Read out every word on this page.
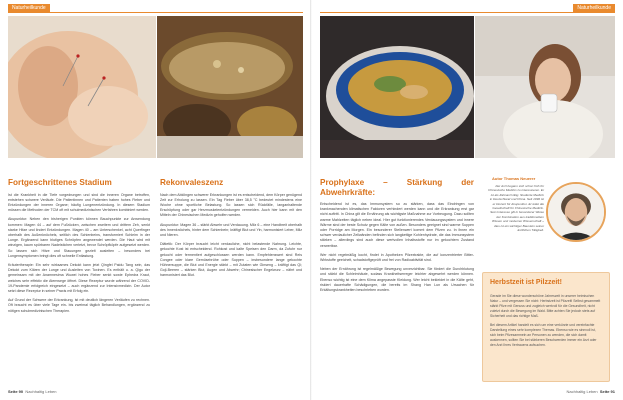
Naturheilkunde
Fortgeschrittenes Stadium

Ist die Krankheit in die Tiefe vorgedrungen und sind die inneren Organe betroffen, entstehen schwere Verläufe. Die Patientinnen und Patienten haben hohes Fieber und Entzündungen der inneren Organe; häufig Lungenentzündung. In diesem Stadium müssen die Methoden der TCM oft mit schulmedizinischen Verfahren kombiniert werden.

Akupunktur: Neben den bisherigen Punkten können Bauchpunkte zur Anwendung kommen: Magen 44 – auf dem Fußrücken, zwischen zweitem und drittem Zeh, senkt starke Hitze und lindert Entzündungen. Magen 40 – am Unterschenkel, acht Querfinger oberhalb des Außenknöchels, seitlich des Schienbeins, transformiert Schleim in der Lunge. Ergänzend kann blutiges Schröpfen angewendet werden. Die Haut wird mit winzigen, kaum spürbaren Nadelstichen verletzt, bevor Schröpfköpfe aufgesetzt werden. So lassen sich Hitze und Stauungen gezielt ausleiten – besonders bei Lungensymptomen bringt dies oft schnelle Entlastung.

Kräutertherapie: Ein sehr wirksames Dekokt kann jetzt Qingfei Paidu Tang sein, das Dekokt zum Klären der Lunge und Ausleiten von Toxinen. Es enthält u. a. Qigu der gemeinsam mit der Anamnesima Wuwei hohes Fieber senkt sowie Ephedra Kraut, welches sehr effektiv die Atemwege öffnet. Diese Rezeptur wurde während der COVID-19-Pandemie erfolgreich eingesetzt – auch ergänzend zur Intensivmedizin. Der Autor setzt diese Rezeptur in seiner Praxis mit Erfolg ein.

Auf Grund der Schwere der Erkrankung, ist mit deutlich längeren Verläufen zu rechnen. Oft braucht es über viele Tage ein- bis zweimal täglich Behandlungen, ergänzend zu nötigen schulmedizinischen Therapien.

Rekonvaleszenz

Nach dem Abklingen schwerer Erkrankungen ist es entscheidend, dem Körper genügend Zeit zur Erholung zu lassen. Ein Tag Fieber über 38,5 °C bedeutet mindestens eine Woche ohne sportliche Belastung. So lassen sich Rückfälle, langanhaltende Erschöpfung oder gar Herzmuskelentzündungen vermeiden. Auch hier kann mit den Mitteln der Chinesischen Medizin geholfen werden.

Akupunktur: Magen 36 – stärkt Abwehr und Verdauung. Milz 6 – eine Handbreit oberhalb des Innenknöchels, hinter dem Schienbein; kräftigt Blut und Yin, harmonisiert Leber, Milz und Nieren.

Diätetik: Der Körper braucht leicht verdauliche, nicht belastende Nahrung. Leichte, gekochte Kost ist entscheidend. Rohkost und kalte Speisen den Darm, da Zufuhr nur gekocht oder fermentiert aufgeschlossen werden kann. Empfehlenswert sind Reis Congee oder klare Gemüsebrühe oder Suppen – insbesondere lange gekochte Hühnersuppe, die Blut und Energie stärkt – mit Zutaten wie Ginseng – kräftigt das Qi; Goji-Beeren – stärken Blut, Augen und Abwehr; Chinesischer Engelwurz – nährt und harmonisiert das Blut.

Seite 90 Nachhaltig Leben
Naturheilkunde
Prophylaxe – Stärkung der Abwehrkräfte:

Entscheidend ist es, das Immunsystem so zu stärken, dass das Eindringen von krankmachenden klimatischen Faktoren verhindert werden kann und die Erkrankung erst gar nicht auftritt. In China gilt die Ernährung als wichtigste Maßnahme zur Vorbeugung. Dazu sollten warme Mahlzeiten täglich neben ideal. Hier gut funktionierendes Verdauungssystem und innere Wärme sind der beste Schutz gegen Kälte von außen. Besonders geeignet sind warme Suppen oder Porridge am Morgen. Ein besonderer Stellenwert kommt dem Pilzen zu. In ihnen ein schwer verdaulicher Zellwänden befinden sich langkettige Kohlenhydrate, die das Immunsystem stärken – allerdings sind auch diese wertvollen Inhaltsstoffe nur im gekochtem Zustand verwertbar.

Wer nicht regelmäßig kocht, findet in Apotheken Pilzextrakte, die auf konzentrierter Bitter-Wirkstoffe geeichelt, schadstoffgeprüft und frei von Radioaktivität sind.

Neben der Ernährung ist regelmäßige Bewegung unverzichtbar. Sie fördert die Durchblutung und stärkt die Schleimhäute, sodass Krankheitserreger leichter abgewehrt werden können. Ebenso wichtig ist eine dem Klima angepasste Kleidung. Wer leicht bekleidet in die Kälte geht, riskiert dauerhafte Schädigungen, die bereits im Shang Han Lun als Ursachen für Erkältungskrankheiten beschrieben wurden.

Autor Thomas Neuerer
Der Arzt begann sich schon früh für Chinesische Medizin zu interessieren. Er ist als Zahnarzt tätig. Studierte Medizin in Deutschland und China. Seit 1996 ist er Dozent für Akupunktur. Er leitet die Gesellschaft für Chinesische Medizin. Sein Interesse gilt in besonderer Weise der Kombination aus traditionellem Wissen und moderner Wissenschaft – dies ist ein wichtiger Baustein seiner ärztlichen Tätigkeit.
Herbstzeit ist Pilzzeit!

Gerade im Sie diese wunderschöne Jahreszeit in unserer heimischen Natur – und vergessen Sie nicht: Herbstzeit ist Pilzzeit! Selbst gesammelt stärkt Pilze mit Genuss und zugleich wertvoll für die Gesundheit, nicht zuletzt durch die Bewegung im Wald. Bitte achten Sie jedoch stets auf Sicherheit und das richtige Maß.

Bei diesem Artikel handelt es sich um eine verkürzte und vereinfachte Darstellung eines sehr komplexen Themas. Ebenso wie es sinnvoll ist, sich beim Pilzesammeln an Personen zu wenden, die sich damit auskennen, sollten Sie bei stärkeren Beschwerden immer ein Arzt oder den Arzt Ihres Vertrauens aufsuchen.

Nachhaltig Leben Seite 91
